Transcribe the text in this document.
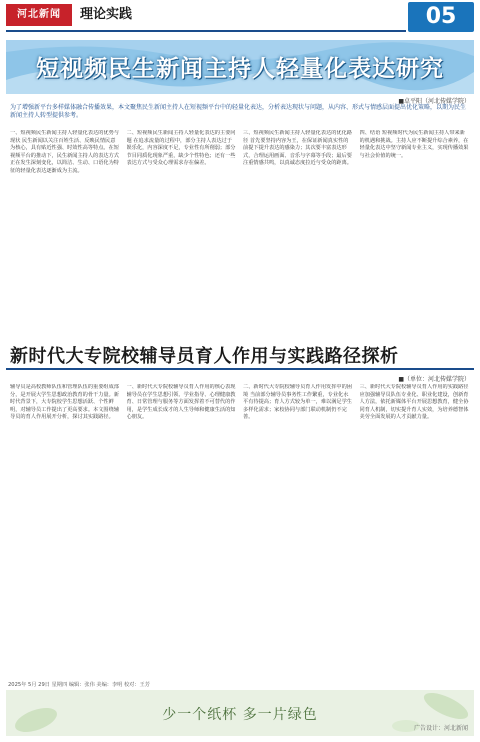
河北新闻	理论实践	05
短视频民生新闻主持人轻量化表达研究
■卓平阳（河北传媒学院）
为了增强新平台多样媒体融合传播效果，本文聚焦民生新闻主持人在短视频平台中的轻量化表达，分析表达现状与问题，从内容、形式与情感层面提出优化策略，以期为民生新闻主持人转型提供参考。
一、短视频民生新闻主持人轻量化表达的优势与现状 民生新闻以关注百姓生活、反映民情民意为核心，具有贴近性强、时效性高等特点。在短视频平台的推动下，民生新闻主持人的表达方式正在发生深刻变化，以简洁、生动、口语化为特征的轻量化表达逐渐成为主流。
二、短视频民生新闻主持人轻量化表达的主要问题 在追求流量的过程中，部分主持人表达过于娱乐化，内容深度不足，专业性有所削弱；部分节目同质化现象严重，缺少个性特色；还有一些表达方式与受众心理需求存在偏差。
三、短视频民生新闻主持人轻量化表达的优化路径 首先要坚持内容为王，在保证新闻真实性的前提下提升表达的感染力；其次要丰富表达形式，合理运用画面、音乐与字幕等手段；最后要注重情感共鸣，以真诚态度拉近与受众的距离。
四、结语 短视频时代为民生新闻主持人带来新的机遇和挑战。主持人应不断提升综合素养，在轻量化表达中坚守新闻专业主义，实现传播效果与社会价值的统一。
新时代大专院校辅导员育人作用与实践路径探析
■（单位：河北传媒学院）
辅导员是高校教师队伍和管理队伍的重要组成部分，是开展大学生思想政治教育的骨干力量。新时代背景下，大专院校学生思想活跃、个性鲜明，对辅导员工作提出了更高要求。本文围绕辅导员的育人作用展开分析，探讨其实践路径。
一、新时代大专院校辅导员育人作用的核心表现 辅导员在学生思想引领、学业指导、心理健康教育、日常管理与服务等方面发挥着不可替代的作用，是学生成长成才的人生导师和健康生活的知心朋友。
二、新时代大专院校辅导员育人作用发挥中的困境 当前部分辅导员事务性工作繁重，专业化水平有待提高；育人方式较为单一，难以满足学生多样化需求；家校协同与部门联动机制仍不完善。
三、新时代大专院校辅导员育人作用的实践路径 应加强辅导员队伍专业化、职业化建设，创新育人方法，依托新媒体平台开展思想教育，健全协同育人机制，切实提升育人实效，为培养德智体美劳全面发展的人才贡献力量。
2025年 5月 29日 星期四 编辑：张伟 美编：李明 校对：王芳
少一个纸杯 多一片绿色
广告设计：河北新闻
